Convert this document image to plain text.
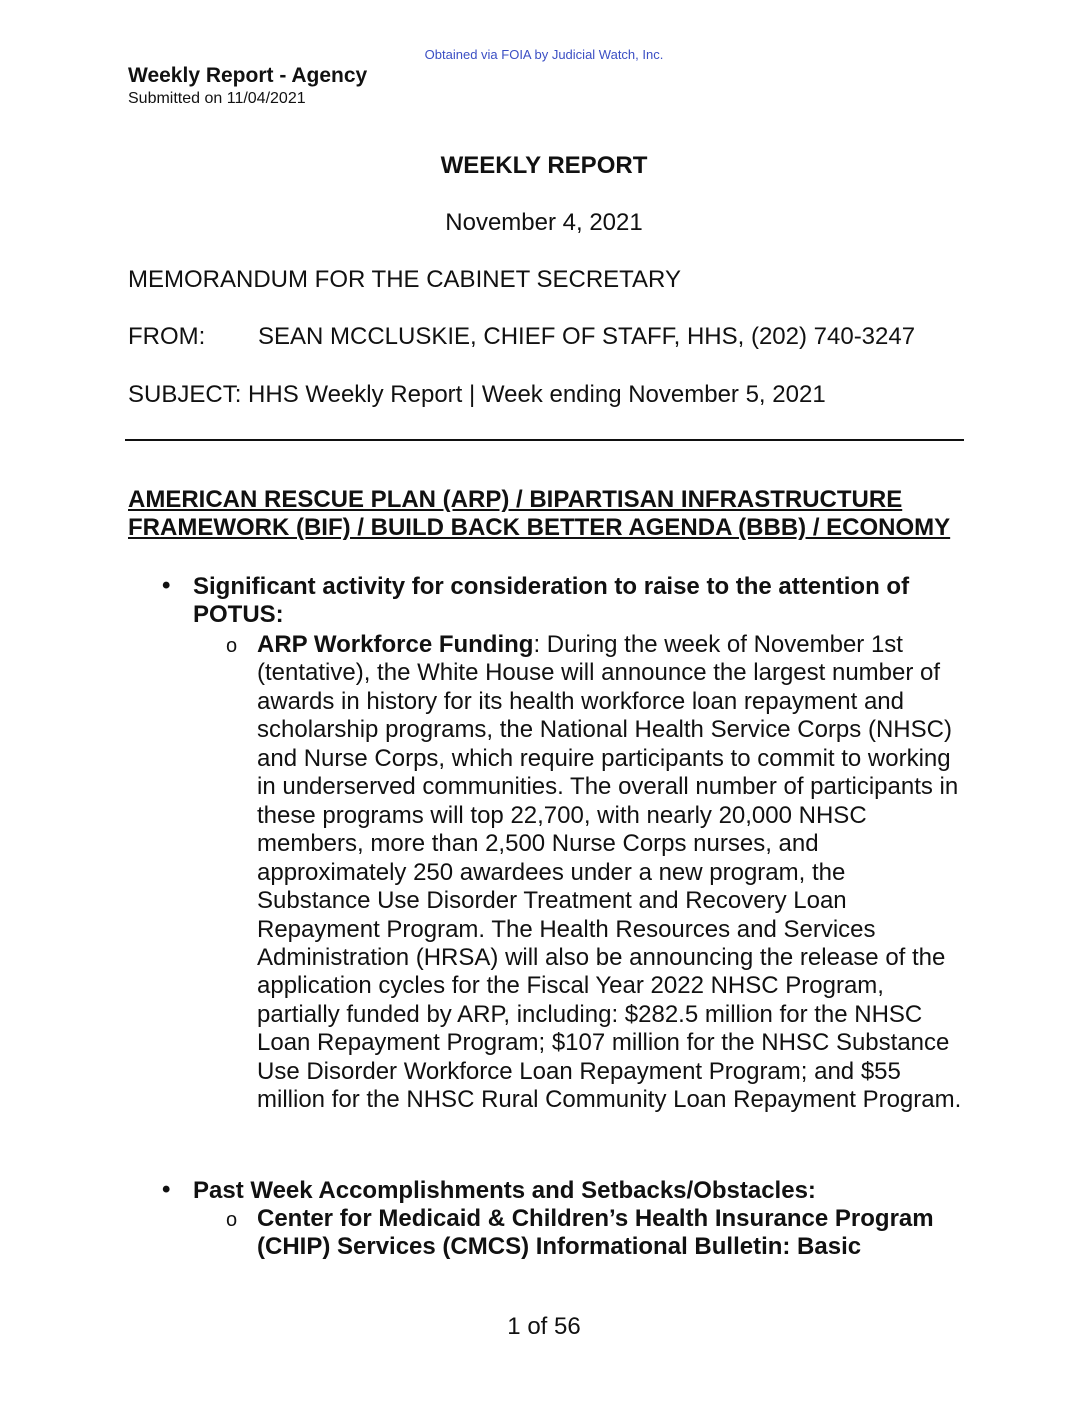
Obtained via FOIA by Judicial Watch, Inc.
Weekly Report - Agency
Submitted on 11/04/2021
WEEKLY REPORT
November 4, 2021
MEMORANDUM FOR THE CABINET SECRETARY
FROM: SEAN MCCLUSKIE, CHIEF OF STAFF, HHS, (202) 740-3247
SUBJECT: HHS Weekly Report | Week ending November 5, 2021
AMERICAN RESCUE PLAN (ARP) / BIPARTISAN INFRASTRUCTURE FRAMEWORK (BIF) / BUILD BACK BETTER AGENDA (BBB) / ECONOMY
• Significant activity for consideration to raise to the attention of POTUS:
o ARP Workforce Funding: During the week of November 1st (tentative), the White House will announce the largest number of awards in history for its health workforce loan repayment and scholarship programs, the National Health Service Corps (NHSC) and Nurse Corps, which require participants to commit to working in underserved communities. The overall number of participants in these programs will top 22,700, with nearly 20,000 NHSC members, more than 2,500 Nurse Corps nurses, and approximately 250 awardees under a new program, the Substance Use Disorder Treatment and Recovery Loan Repayment Program. The Health Resources and Services Administration (HRSA) will also be announcing the release of the application cycles for the Fiscal Year 2022 NHSC Program, partially funded by ARP, including: $282.5 million for the NHSC Loan Repayment Program; $107 million for the NHSC Substance Use Disorder Workforce Loan Repayment Program; and $55 million for the NHSC Rural Community Loan Repayment Program.
• Past Week Accomplishments and Setbacks/Obstacles:
o Center for Medicaid & Children’s Health Insurance Program (CHIP) Services (CMCS) Informational Bulletin: Basic
1 of 56
